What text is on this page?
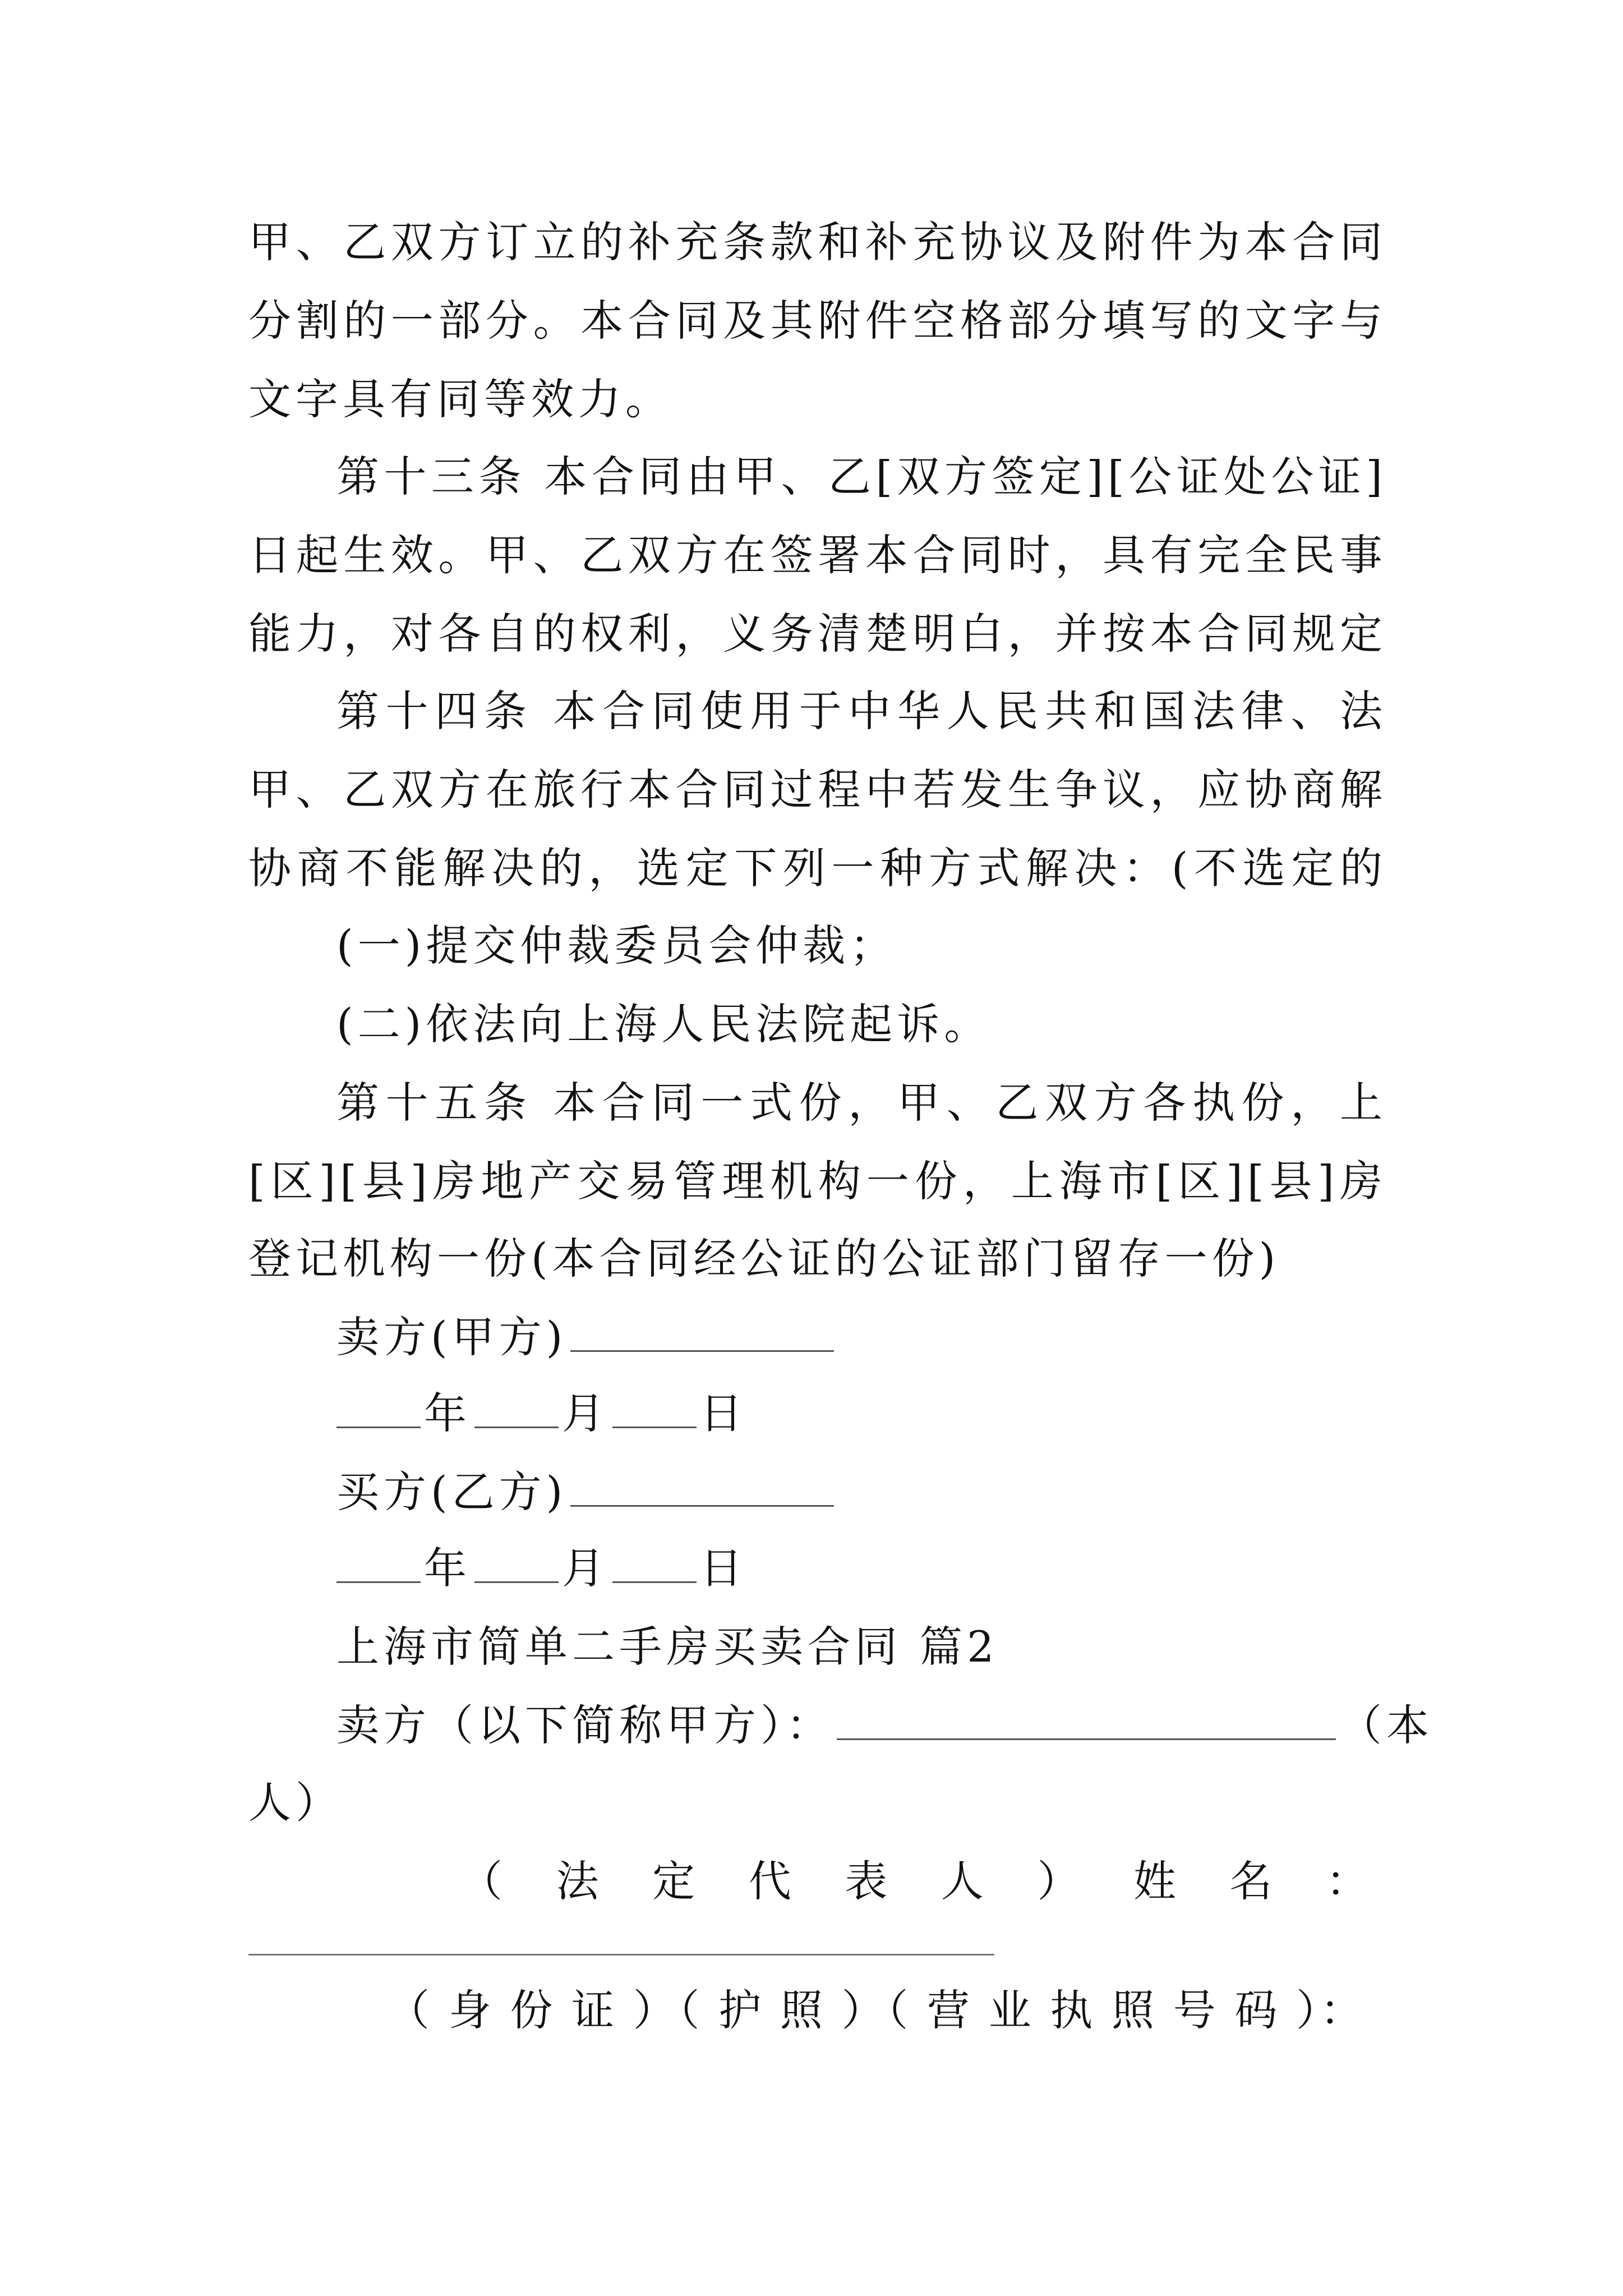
甲、乙双方订立的补充条款和补充协议及附件为本合同
分割的一部分。本合同及其附件空格部分填写的文字与
文字具有同等效力。
第十三条 本合同由甲、乙[双方签定][公证处公证]
日起生效。甲、乙双方在签署本合同时，具有完全民事
能力，对各自的权利，义务清楚明白，并按本合同规定
第十四条 本合同使用于中华人民共和国法律、法
甲、乙双方在旅行本合同过程中若发生争议，应协商解
协商不能解决的，选定下列一种方式解决：(不选定的
(一)提交仲裁委员会仲裁；
(二)依法向上海人民法院起诉。
第十五条 本合同一式份，甲、乙双方各执份，上
[区][县]房地产交易管理机构一份，上海市[区][县]房
登记机构一份(本合同经公证的公证部门留存一份)
卖方(甲方)
年 月 日
买方(乙方)
年 月 日
上海市简单二手房买卖合同 篇2
卖方（以下简称甲方）：	（本
人）
（ 法 定 代 表 人 ） 姓 名 ：
（ 身 份 证 ）（ 护 照 ）（ 营 业 执 照 号 码 ）：
